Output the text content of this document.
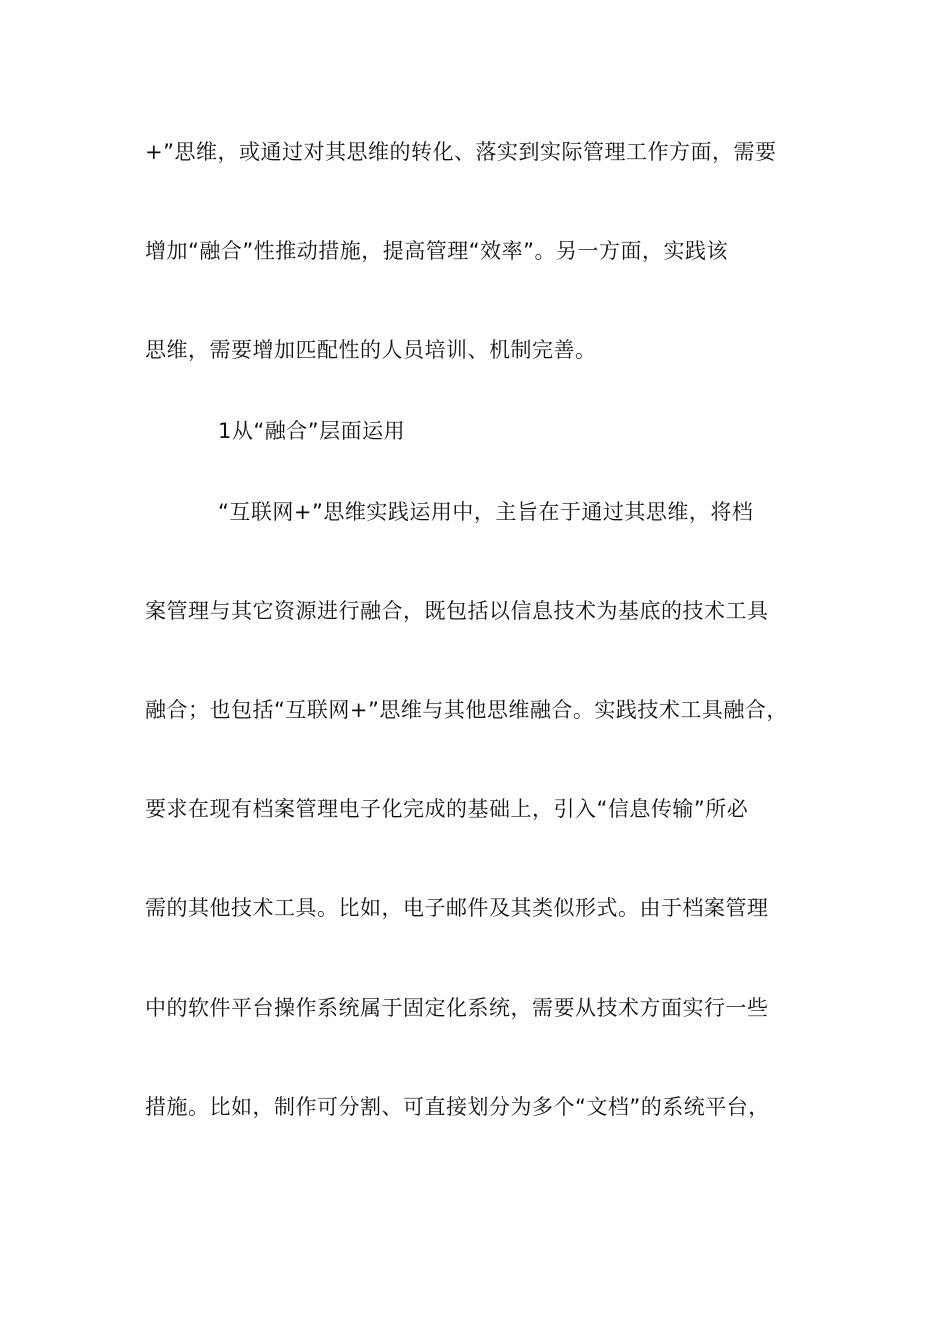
+”思维，或通过对其思维的转化、落实到实际管理工作方面，需要
增加“融合”性推动措施，提高管理“效率”。另一方面，实践该
思维，需要增加匹配性的人员培训、机制完善。
1从“融合”层面运用
“互联网+”思维实践运用中，主旨在于通过其思维，将档
案管理与其它资源进行融合，既包括以信息技术为基底的技术工具
融合；也包括“互联网+”思维与其他思维融合。实践技术工具融合，
要求在现有档案管理电子化完成的基础上，引入“信息传输”所必
需的其他技术工具。比如，电子邮件及其类似形式。由于档案管理
中的软件平台操作系统属于固定化系统，需要从技术方面实行一些
措施。比如，制作可分割、可直接划分为多个“文档”的系统平台，
